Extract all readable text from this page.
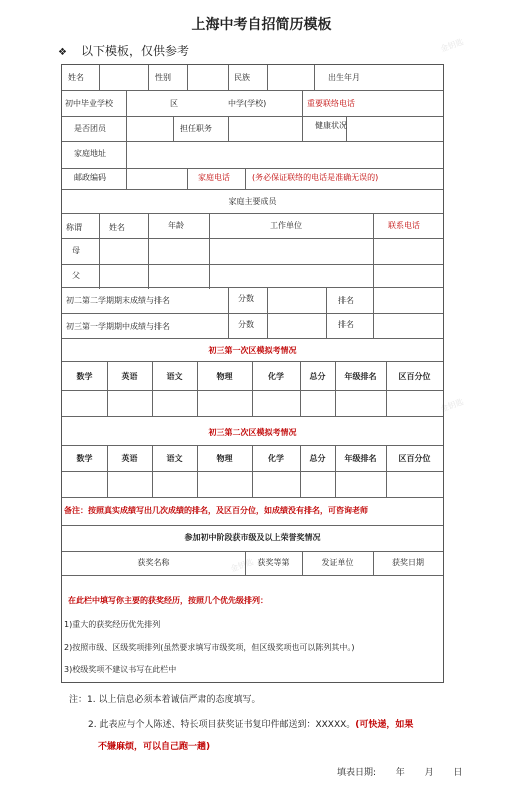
上海中考自招简历模板
❖ 以下模板，仅供参考	金钥匙
金钥匙
金钥匙
姓名	性别	民族	出生年月
初中毕业学校	区	中学(学校)	重要联络电话
是否团员	担任职务	健康状况
家庭地址
邮政编码	家庭电话	(务必保证联络的电话是准确无误的)
家庭主要成员
称谓	姓名	年龄	工作单位	联系电话
母
父
初二第二学期期末成绩与排名	分数	排名
初三第一学期期中成绩与排名	分数	排名
初三第一次区模拟考情况
数学	英语	语文	物理	化学	总分	年级排名	区百分位
初三第二次区模拟考情况
数学	英语	语文	物理	化学	总分	年级排名	区百分位
备注：按照真实成绩写出几次成绩的排名，及区百分位，如成绩没有排名，可咨询老师
参加初中阶段获市级及以上荣誉奖情况
获奖名称	获奖等第	发证单位	获奖日期
在此栏中填写你主要的获奖经历，按照几个优先级排列：
1)重大的获奖经历优先排列
2)按照市级、区级奖项排列(虽然要求填写市级奖项，但区级奖项也可以陈列其中。)
3)校级奖项不建议书写在此栏中
注：1. 以上信息必须本着诚信严肃的态度填写。
2. 此表应与个人陈述、特长项目获奖证书复印件邮送到：XXXXX。(可快递，如果
不嫌麻烦，可以自己跑一趟)
填表日期: 年 月 日
